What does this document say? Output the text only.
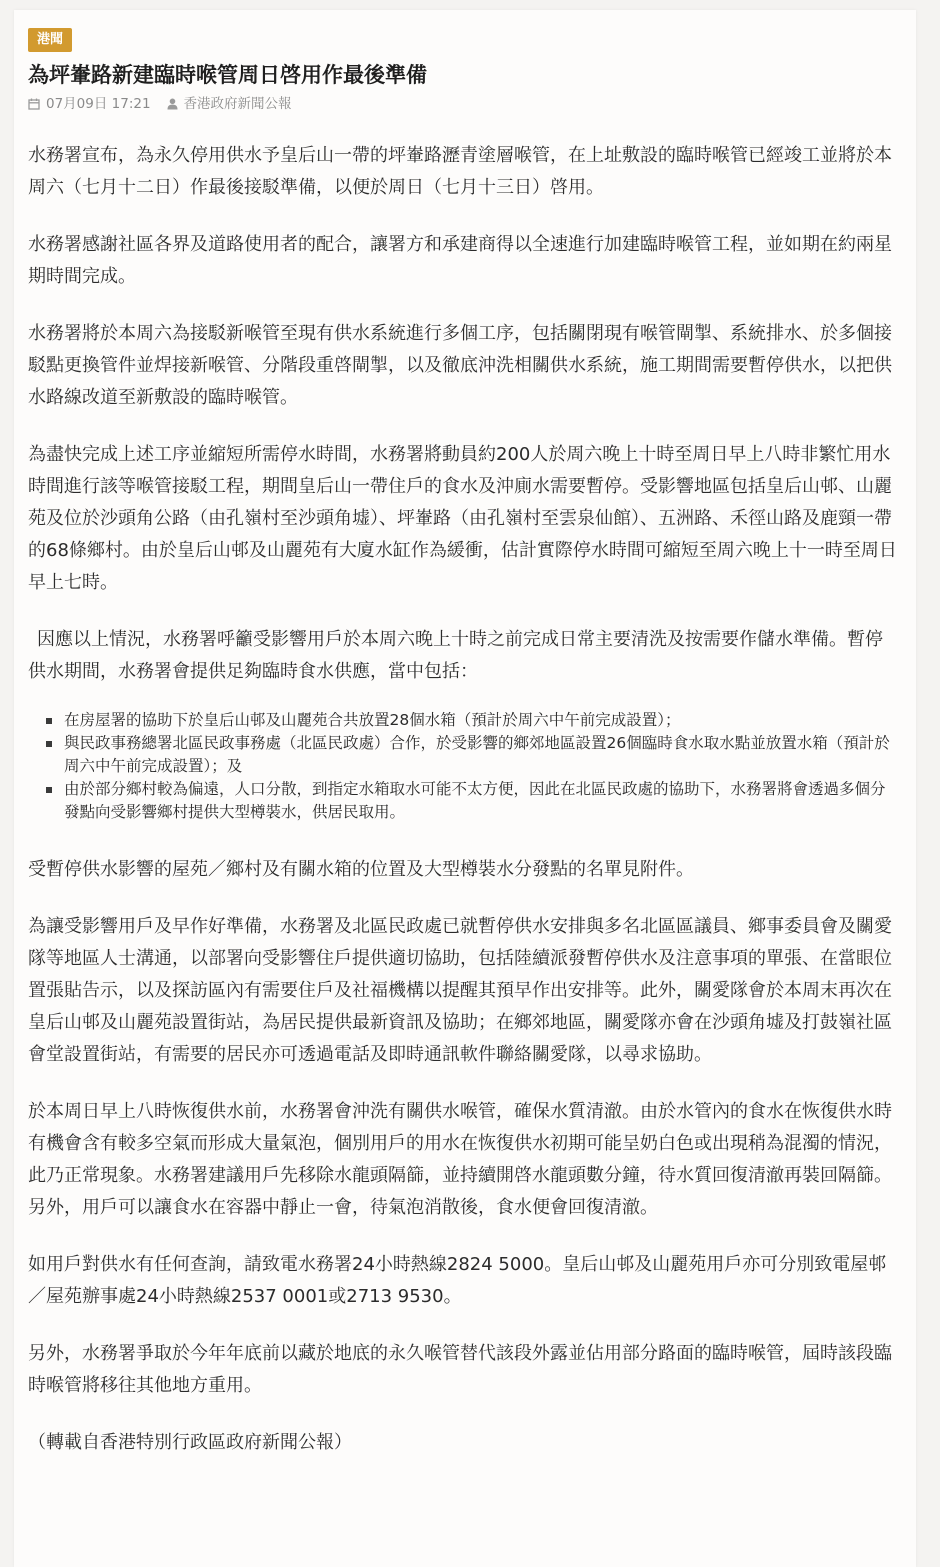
港聞
為坪輋路新建臨時喉管周日啓用作最後準備
07月09日 17:21 香港政府新聞公報

水務署宣布，為永久停用供水予皇后山一帶的坪輋路瀝青塗層喉管，在上址敷設的臨時喉管已經竣工並將於本周六（七月十二日）作最後接駁準備，以便於周日（七月十三日）啓用。

水務署感謝社區各界及道路使用者的配合，讓署方和承建商得以全速進行加建臨時喉管工程，並如期在約兩星期時間完成。

水務署將於本周六為接駁新喉管至現有供水系統進行多個工序，包括關閉現有喉管閘掣、系統排水、於多個接駁點更換管件並焊接新喉管、分階段重啓閘掣，以及徹底沖洗相關供水系統，施工期間需要暫停供水，以把供水路線改道至新敷設的臨時喉管。

為盡快完成上述工序並縮短所需停水時間，水務署將動員約200人於周六晚上十時至周日早上八時非繁忙用水時間進行該等喉管接駁工程，期間皇后山一帶住戶的食水及沖廁水需要暫停。受影響地區包括皇后山邨、山麗苑及位於沙頭角公路（由孔嶺村至沙頭角墟）、坪輋路（由孔嶺村至雲泉仙館）、五洲路、禾徑山路及鹿頸一帶的68條鄉村。由於皇后山邨及山麗苑有大廈水缸作為緩衝，估計實際停水時間可縮短至周六晚上十一時至周日早上七時。

因應以上情況，水務署呼籲受影響用戶於本周六晚上十時之前完成日常主要清洗及按需要作儲水準備。暫停供水期間，水務署會提供足夠臨時食水供應，當中包括：

在房屋署的協助下於皇后山邨及山麗苑合共放置28個水箱（預計於周六中午前完成設置）；
與民政事務總署北區民政事務處（北區民政處）合作，於受影響的鄉郊地區設置26個臨時食水取水點並放置水箱（預計於周六中午前完成設置）；及
由於部分鄉村較為偏遠，人口分散，到指定水箱取水可能不太方便，因此在北區民政處的協助下，水務署將會透過多個分發點向受影響鄉村提供大型樽裝水，供居民取用。

受暫停供水影響的屋苑／鄉村及有關水箱的位置及大型樽裝水分發點的名單見附件。

為讓受影響用戶及早作好準備，水務署及北區民政處已就暫停供水安排與多名北區區議員、鄉事委員會及關愛隊等地區人士溝通，以部署向受影響住戶提供適切協助，包括陸續派發暫停供水及注意事項的單張、在當眼位置張貼告示，以及探訪區內有需要住戶及社福機構以提醒其預早作出安排等。此外，關愛隊會於本周末再次在皇后山邨及山麗苑設置街站，為居民提供最新資訊及協助；在鄉郊地區，關愛隊亦會在沙頭角墟及打鼓嶺社區會堂設置街站，有需要的居民亦可透過電話及即時通訊軟件聯絡關愛隊，以尋求協助。

於本周日早上八時恢復供水前，水務署會沖洗有關供水喉管，確保水質清澈。由於水管內的食水在恢復供水時有機會含有較多空氣而形成大量氣泡，個別用戶的用水在恢復供水初期可能呈奶白色或出現稍為混濁的情況，此乃正常現象。水務署建議用戶先移除水龍頭隔篩，並持續開啓水龍頭數分鐘，待水質回復清澈再裝回隔篩。另外，用戶可以讓食水在容器中靜止一會，待氣泡消散後，食水便會回復清澈。

如用戶對供水有任何查詢，請致電水務署24小時熱線2824 5000。皇后山邨及山麗苑用戶亦可分別致電屋邨／屋苑辦事處24小時熱線2537 0001或2713 9530。

另外，水務署爭取於今年年底前以藏於地底的永久喉管替代該段外露並佔用部分路面的臨時喉管，屆時該段臨時喉管將移往其他地方重用。

（轉載自香港特別行政區政府新聞公報）
